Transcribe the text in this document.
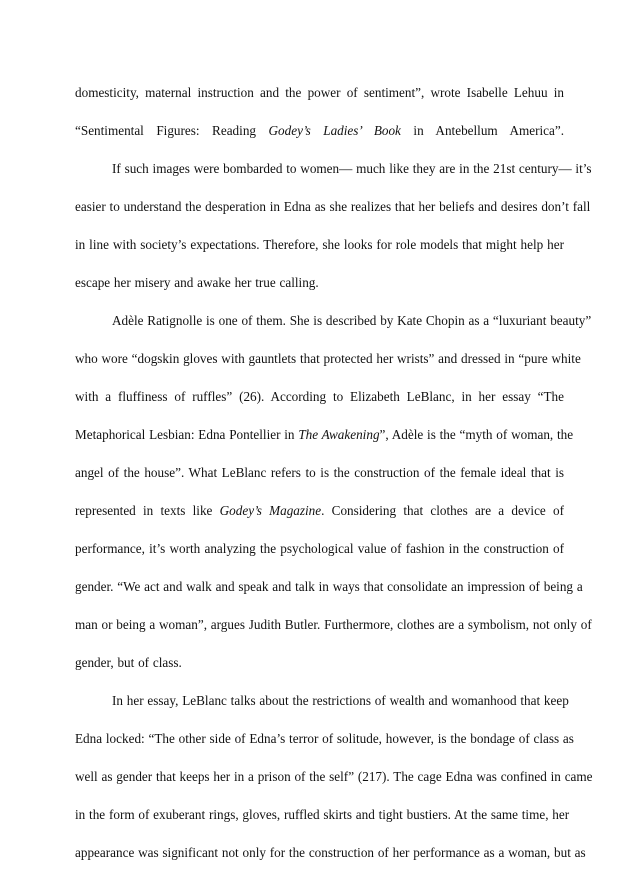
domesticity, maternal instruction and the power of sentiment”, wrote Isabelle Lehuu in
“Sentimental Figures: Reading Godey’s Ladies’ Book in Antebellum America”.
If such images were bombarded to women— much like they are in the 21st century— it’s
easier to understand the desperation in Edna as she realizes that her beliefs and desires don’t fall
in line with society’s expectations. Therefore, she looks for role models that might help her
escape her misery and awake her true calling.
Adèle Ratignolle is one of them. She is described by Kate Chopin as a “luxuriant beauty”
who wore “dogskin gloves with gauntlets that protected her wrists” and dressed in “pure white
with a fluffiness of ruffles” (26). According to Elizabeth LeBlanc, in her essay “The
Metaphorical Lesbian: Edna Pontellier in The Awakening”, Adèle is the “myth of woman, the
angel of the house”. What LeBlanc refers to is the construction of the female ideal that is
represented in texts like Godey’s Magazine. Considering that clothes are a device of
performance, it’s worth analyzing the psychological value of fashion in the construction of
gender. “We act and walk and speak and talk in ways that consolidate an impression of being a
man or being a woman”, argues Judith Butler. Furthermore, clothes are a symbolism, not only of
gender, but of class.
In her essay, LeBlanc talks about the restrictions of wealth and womanhood that keep
Edna locked: “The other side of Edna’s terror of solitude, however, is the bondage of class as
well as gender that keeps her in a prison of the self” (217). The cage Edna was confined in came
in the form of exuberant rings, gloves, ruffled skirts and tight bustiers. At the same time, her
appearance was significant not only for the construction of her performance as a woman, but as
